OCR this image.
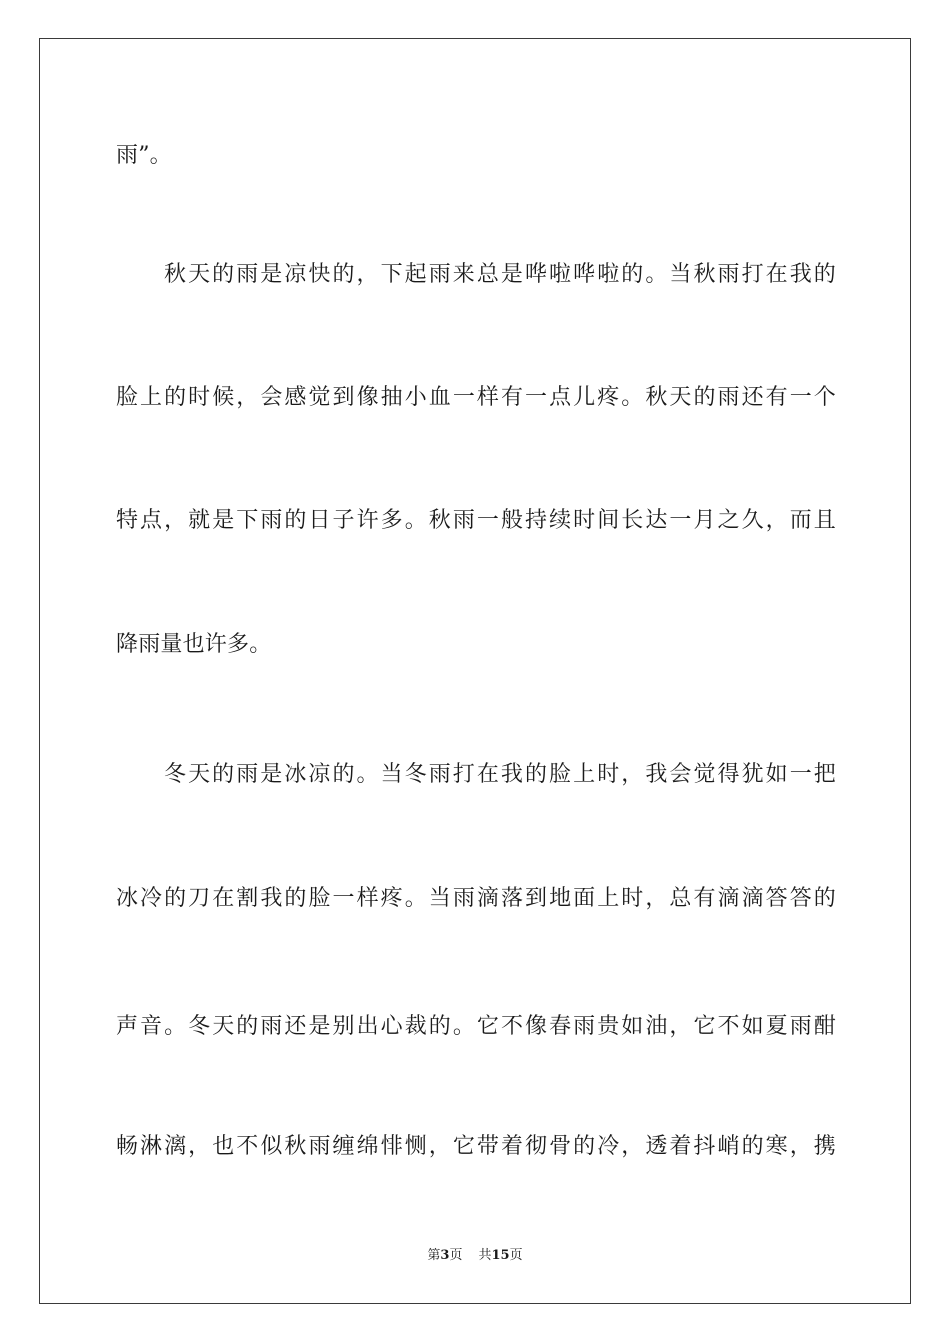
雨”。
秋天的雨是凉快的，下起雨来总是哗啦哗啦的。当秋雨打在我的
脸上的时候，会感觉到像抽小血一样有一点儿疼。秋天的雨还有一个
特点，就是下雨的日子许多。秋雨一般持续时间长达一月之久，而且
降雨量也许多。
冬天的雨是冰凉的。当冬雨打在我的脸上时，我会觉得犹如一把
冰冷的刀在割我的脸一样疼。当雨滴落到地面上时，总有滴滴答答的
声音。冬天的雨还是别出心裁的。它不像春雨贵如油，它不如夏雨酣
畅淋漓，也不似秋雨缠绵悱恻，它带着彻骨的冷，透着抖峭的寒，携
第3页 共15页
